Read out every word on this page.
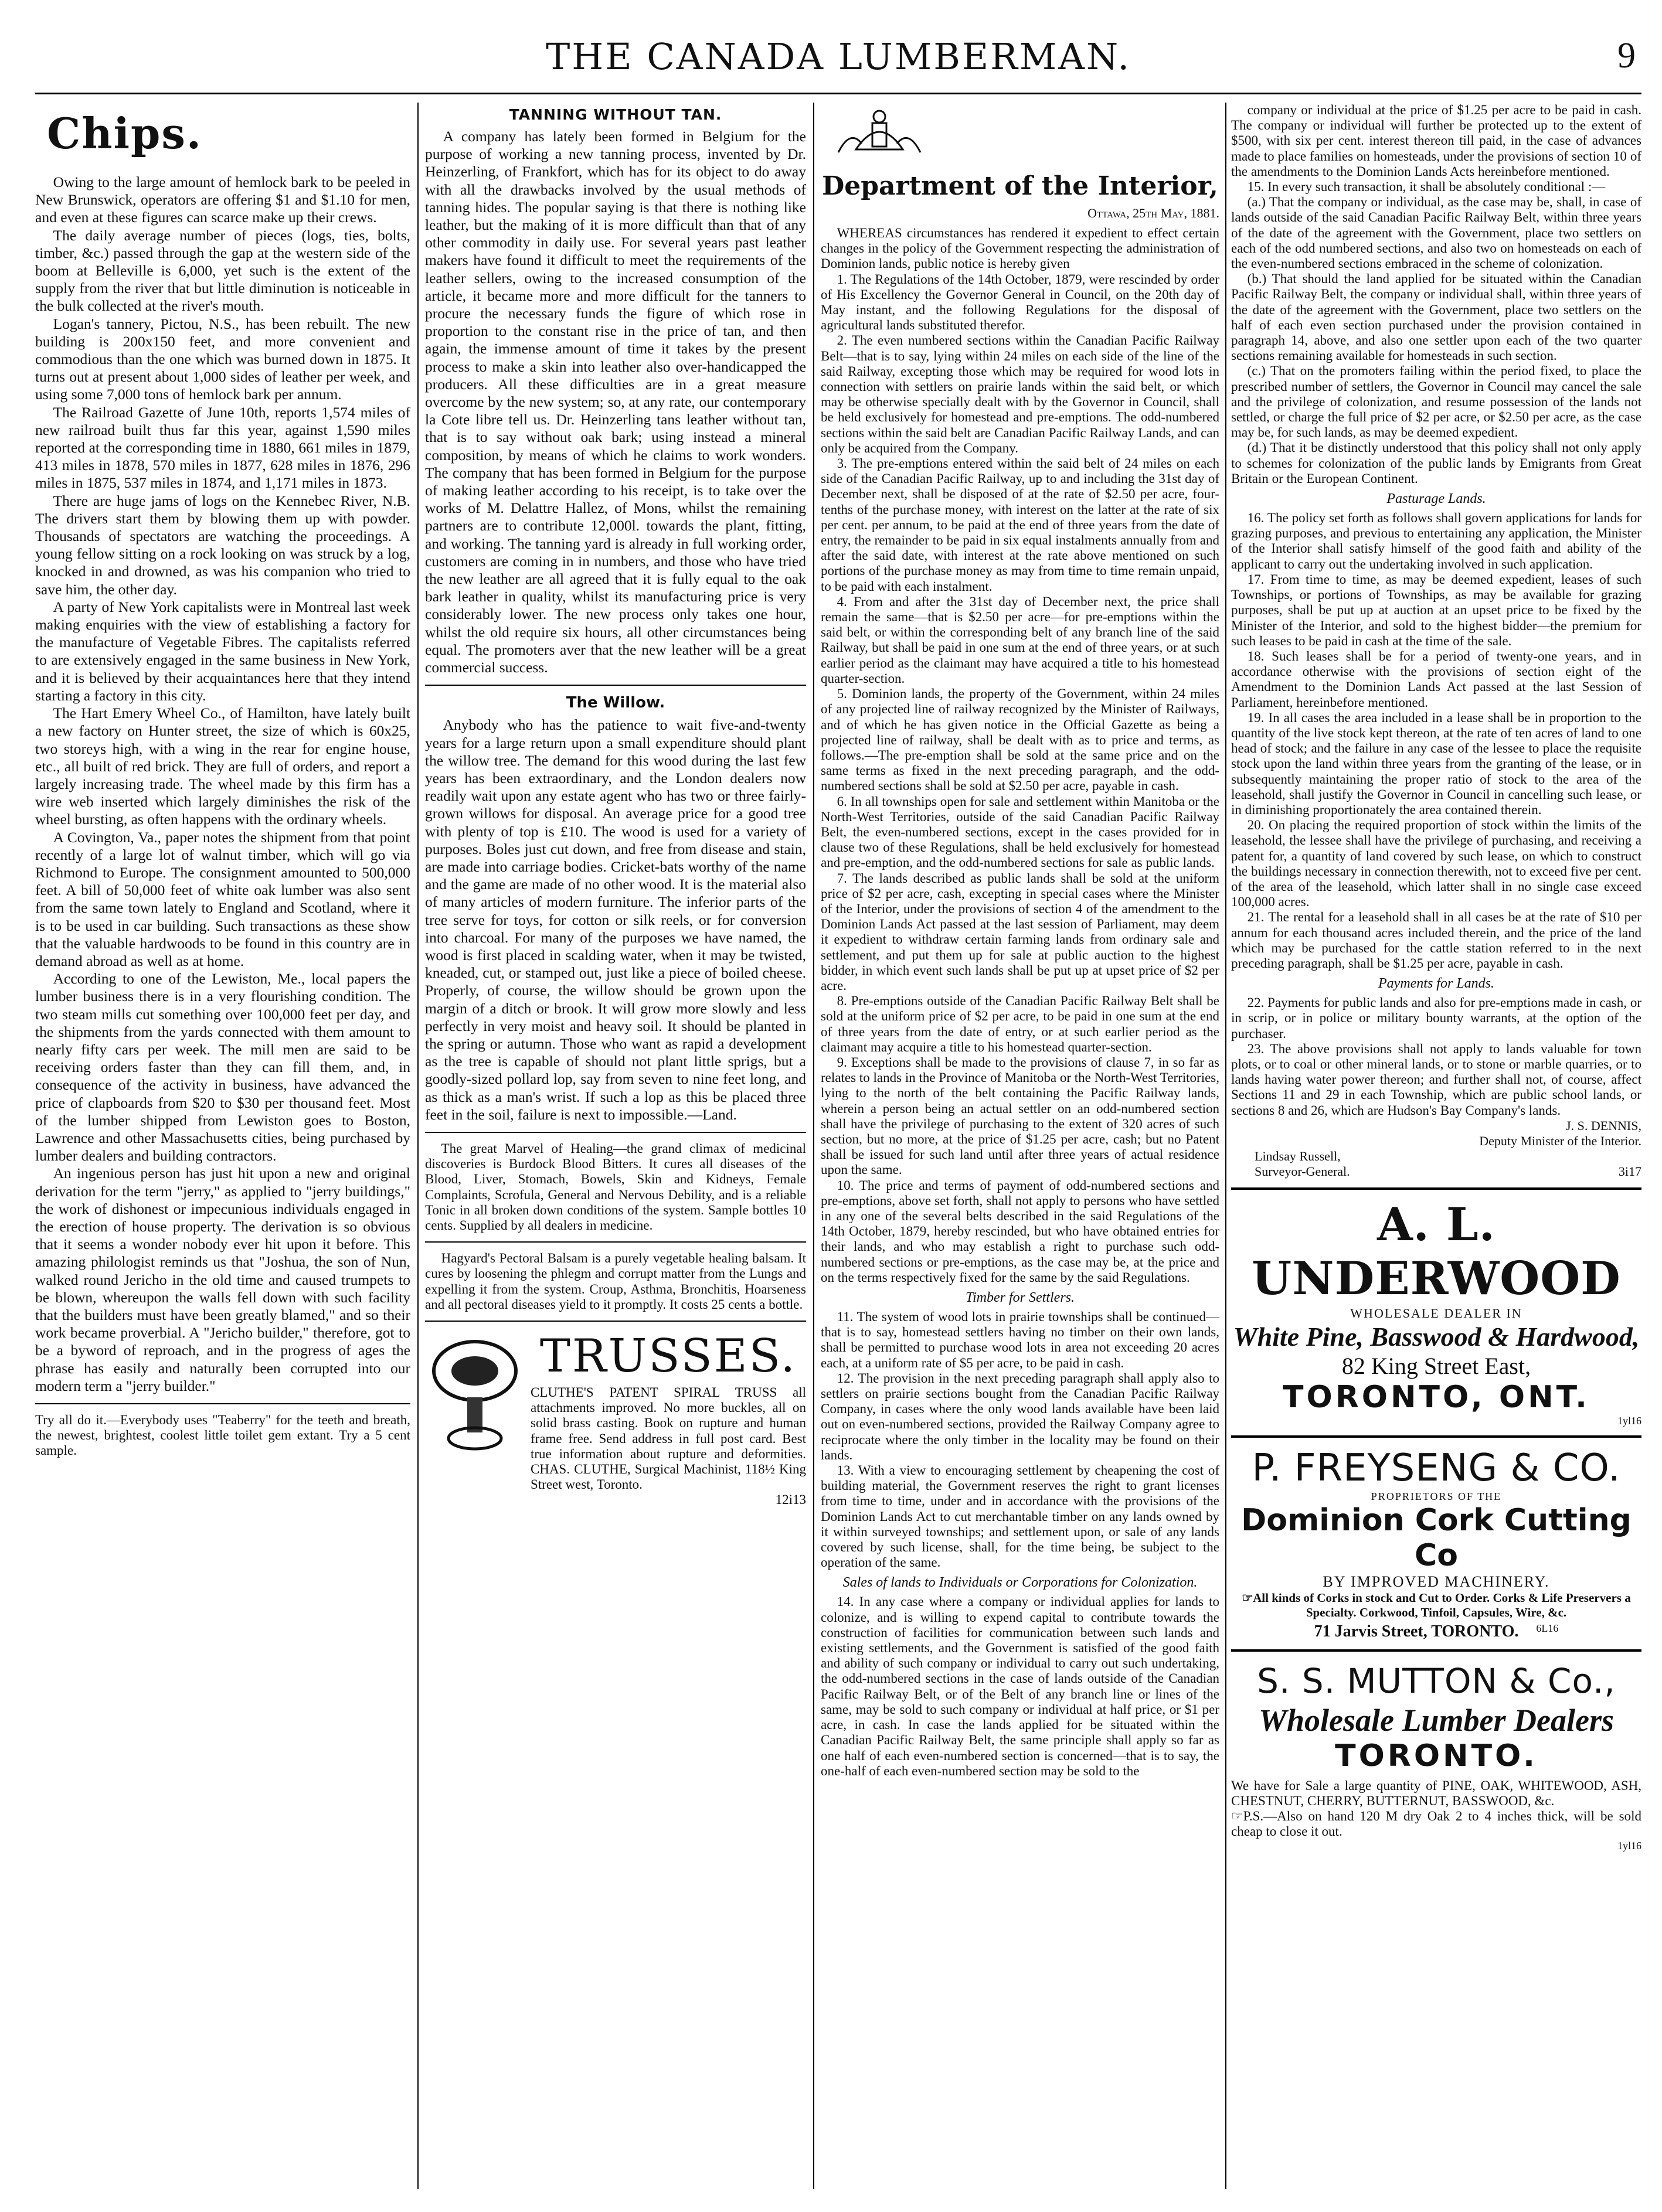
THE CANADA LUMBERMAN.	9
Chips.

Owing to the large amount of hemlock bark to be peeled in New Brunswick, operators are offering $1 and $1.10 for men, and even at these figures can scarce make up their crews.

The daily average number of pieces (logs, ties, bolts, timber, &c.) passed through the gap at the western side of the boom at Belleville is 6,000, yet such is the extent of the supply from the river that but little diminution is noticeable in the bulk collected at the river's mouth.

Logan's tannery, Pictou, N.S., has been rebuilt. The new building is 200x150 feet, and more convenient and commodious than the one which was burned down in 1875. It turns out at present about 1,000 sides of leather per week, and using some 7,000 tons of hemlock bark per annum.

The Railroad Gazette of June 10th, reports 1,574 miles of new railroad built thus far this year, against 1,590 miles reported at the corresponding time in 1880, 661 miles in 1879, 413 miles in 1878, 570 miles in 1877, 628 miles in 1876, 296 miles in 1875, 537 miles in 1874, and 1,171 miles in 1873.

There are huge jams of logs on the Kennebec River, N.B. The drivers start them by blowing them up with powder. Thousands of spectators are watching the proceedings. A young fellow sitting on a rock looking on was struck by a log, knocked in and drowned, as was his companion who tried to save him, the other day.

A party of New York capitalists were in Montreal last week making enquiries with the view of establishing a factory for the manufacture of Vegetable Fibres. The capitalists referred to are extensively engaged in the same business in New York, and it is believed by their acquaintances here that they intend starting a factory in this city.

The Hart Emery Wheel Co., of Hamilton, have lately built a new factory on Hunter street, the size of which is 60x25, two storeys high, with a wing in the rear for engine house, etc., all built of red brick. They are full of orders, and report a largely increasing trade. The wheel made by this firm has a wire web inserted which largely diminishes the risk of the wheel bursting, as often happens with the ordinary wheels.

A Covington, Va., paper notes the shipment from that point recently of a large lot of walnut timber, which will go via Richmond to Europe. The consignment amounted to 500,000 feet. A bill of 50,000 feet of white oak lumber was also sent from the same town lately to England and Scotland, where it is to be used in car building. Such transactions as these show that the valuable hardwoods to be found in this country are in demand abroad as well as at home.

According to one of the Lewiston, Me., local papers the lumber business there is in a very flourishing condition. The two steam mills cut something over 100,000 feet per day, and the shipments from the yards connected with them amount to nearly fifty cars per week. The mill men are said to be receiving orders faster than they can fill them, and, in consequence of the activity in business, have advanced the price of clapboards from $20 to $30 per thousand feet. Most of the lumber shipped from Lewiston goes to Boston, Lawrence and other Massachusetts cities, being purchased by lumber dealers and building contractors.

An ingenious person has just hit upon a new and original derivation for the term "jerry," as applied to "jerry buildings," the work of dishonest or impecunious individuals engaged in the erection of house property. The derivation is so obvious that it seems a wonder nobody ever hit upon it before. This amazing philologist reminds us that "Joshua, the son of Nun, walked round Jericho in the old time and caused trumpets to be blown, whereupon the walls fell down with such facility that the builders must have been greatly blamed," and so their work became proverbial. A "Jericho builder," therefore, got to be a byword of reproach, and in the progress of ages the phrase has easily and naturally been corrupted into our modern term a "jerry builder."

Try all do it.—Everybody uses "Teaberry" for the teeth and breath, the newest, brightest, coolest little toilet gem extant. Try a 5 cent sample.
TANNING WITHOUT TAN.

A company has lately been formed in Belgium for the purpose of working a new tanning process, invented by Dr. Heinzerling, of Frankfort, which has for its object to do away with all the drawbacks involved by the usual methods of tanning hides. The popular saying is that there is nothing like leather, but the making of it is more difficult than that of any other commodity in daily use. For several years past leather makers have found it difficult to meet the requirements of the leather sellers, owing to the increased consumption of the article, it became more and more difficult for the tanners to procure the necessary funds the figure of which rose in proportion to the constant rise in the price of tan, and then again, the immense amount of time it takes by the present process to make a skin into leather also over-handicapped the producers. All these difficulties are in a great measure overcome by the new system; so, at any rate, our contemporary la Cote libre tell us. Dr. Heinzerling tans leather without tan, that is to say without oak bark; using instead a mineral composition, by means of which he claims to work wonders. The company that has been formed in Belgium for the purpose of making leather according to his receipt, is to take over the works of M. Delattre Hallez, of Mons, whilst the remaining partners are to contribute 12,000l. towards the plant, fitting, and working. The tanning yard is already in full working order, customers are coming in in numbers, and those who have tried the new leather are all agreed that it is fully equal to the oak bark leather in quality, whilst its manufacturing price is very considerably lower. The new process only takes one hour, whilst the old require six hours, all other circumstances being equal. The promoters aver that the new leather will be a great commercial success.

The Willow.

Anybody who has the patience to wait five-and-twenty years for a large return upon a small expenditure should plant the willow tree. The demand for this wood during the last few years has been extraordinary, and the London dealers now readily wait upon any estate agent who has two or three fairly-grown willows for disposal. An average price for a good tree with plenty of top is £10. The wood is used for a variety of purposes. Boles just cut down, and free from disease and stain, are made into carriage bodies. Cricket-bats worthy of the name and the game are made of no other wood. It is the material also of many articles of modern furniture. The inferior parts of the tree serve for toys, for cotton or silk reels, or for conversion into charcoal. For many of the purposes we have named, the wood is first placed in scalding water, when it may be twisted, kneaded, cut, or stamped out, just like a piece of boiled cheese. Properly, of course, the willow should be grown upon the margin of a ditch or brook. It will grow more slowly and less perfectly in very moist and heavy soil. It should be planted in the spring or autumn. Those who want as rapid a development as the tree is capable of should not plant little sprigs, but a goodly-sized pollard lop, say from seven to nine feet long, and as thick as a man's wrist. If such a lop as this be placed three feet in the soil, failure is next to impossible.—Land.

The great Marvel of Healing—the grand climax of medicinal discoveries is Burdock Blood Bitters. It cures all diseases of the Blood, Liver, Stomach, Bowels, Skin and Kidneys, Female Complaints, Scrofula, General and Nervous Debility, and is a reliable Tonic in all broken down conditions of the system. Sample bottles 10 cents. Supplied by all dealers in medicine.

Hagyard's Pectoral Balsam is a purely vegetable healing balsam. It cures by loosening the phlegm and corrupt matter from the Lungs and expelling it from the system. Croup, Asthma, Bronchitis, Hoarseness and all pectoral diseases yield to it promptly. It costs 25 cents a bottle.

TRUSSES.
CLUTHE'S PATENT SPIRAL TRUSS all attachments improved. No more buckles, all on solid brass casting. Book on rupture and human frame free. Send address in full post card. Best true information about rupture and deformities. CHAS. CLUTHE, Surgical Machinist, 118½ King Street west, Toronto.
12i13
Department of the Interior,
Ottawa, 25th May, 1881.

WHEREAS circumstances has rendered it expedient to effect certain changes in the policy of the Government respecting the administration of Dominion lands, public notice is hereby given

1. The Regulations of the 14th October, 1879, were rescinded by order of His Excellency the Governor General in Council, on the 20th day of May instant, and the following Regulations for the disposal of agricultural lands substituted therefor.

2. The even numbered sections within the Canadian Pacific Railway Belt—that is to say, lying within 24 miles on each side of the line of the said Railway, excepting those which may be required for wood lots in connection with settlers on prairie lands within the said belt, or which may be otherwise specially dealt with by the Governor in Council, shall be held exclusively for homestead and pre-emptions. The odd-numbered sections within the said belt are Canadian Pacific Railway Lands, and can only be acquired from the Company.

3. The pre-emptions entered within the said belt of 24 miles on each side of the Canadian Pacific Railway, up to and including the 31st day of December next, shall be disposed of at the rate of $2.50 per acre, four-tenths of the purchase money, with interest on the latter at the rate of six per cent. per annum, to be paid at the end of three years from the date of entry, the remainder to be paid in six equal instalments annually from and after the said date, with interest at the rate above mentioned on such portions of the purchase money as may from time to time remain unpaid, to be paid with each instalment.

4. From and after the 31st day of December next, the price shall remain the same—that is $2.50 per acre—for pre-emptions within the said belt, or within the corresponding belt of any branch line of the said Railway, but shall be paid in one sum at the end of three years, or at such earlier period as the claimant may have acquired a title to his homestead quarter-section.

5. Dominion lands, the property of the Government, within 24 miles of any projected line of railway recognized by the Minister of Railways, and of which he has given notice in the Official Gazette as being a projected line of railway, shall be dealt with as to price and terms, as follows.—The pre-emption shall be sold at the same price and on the same terms as fixed in the next preceding paragraph, and the odd-numbered sections shall be sold at $2.50 per acre, payable in cash.

6. In all townships open for sale and settlement within Manitoba or the North-West Territories, outside of the said Canadian Pacific Railway Belt, the even-numbered sections, except in the cases provided for in clause two of these Regulations, shall be held exclusively for homestead and pre-emption, and the odd-numbered sections for sale as public lands.

7. The lands described as public lands shall be sold at the uniform price of $2 per acre, cash, excepting in special cases where the Minister of the Interior, under the provisions of section 4 of the amendment to the Dominion Lands Act passed at the last session of Parliament, may deem it expedient to withdraw certain farming lands from ordinary sale and settlement, and put them up for sale at public auction to the highest bidder, in which event such lands shall be put up at upset price of $2 per acre.

8. Pre-emptions outside of the Canadian Pacific Railway Belt shall be sold at the uniform price of $2 per acre, to be paid in one sum at the end of three years from the date of entry, or at such earlier period as the claimant may acquire a title to his homestead quarter-section.

9. Exceptions shall be made to the provisions of clause 7, in so far as relates to lands in the Province of Manitoba or the North-West Territories, lying to the north of the belt containing the Pacific Railway lands, wherein a person being an actual settler on an odd-numbered section shall have the privilege of purchasing to the extent of 320 acres of such section, but no more, at the price of $1.25 per acre, cash; but no Patent shall be issued for such land until after three years of actual residence upon the same.

10. The price and terms of payment of odd-numbered sections and pre-emptions, above set forth, shall not apply to persons who have settled in any one of the several belts described in the said Regulations of the 14th October, 1879, hereby rescinded, but who have obtained entries for their lands, and who may establish a right to purchase such odd-numbered sections or pre-emptions, as the case may be, at the price and on the terms respectively fixed for the same by the said Regulations.

Timber for Settlers.

11. The system of wood lots in prairie townships shall be continued—that is to say, homestead settlers having no timber on their own lands, shall be permitted to purchase wood lots in area not exceeding 20 acres each, at a uniform rate of $5 per acre, to be paid in cash.

12. The provision in the next preceding paragraph shall apply also to settlers on prairie sections bought from the Canadian Pacific Railway Company, in cases where the only wood lands available have been laid out on even-numbered sections, provided the Railway Company agree to reciprocate where the only timber in the locality may be found on their lands.

13. With a view to encouraging settlement by cheapening the cost of building material, the Government reserves the right to grant licenses from time to time, under and in accordance with the provisions of the Dominion Lands Act to cut merchantable timber on any lands owned by it within surveyed townships; and settlement upon, or sale of any lands covered by such license, shall, for the time being, be subject to the operation of the same.

Sales of lands to Individuals or Corporations for Colonization.

14. In any case where a company or individual applies for lands to colonize, and is willing to expend capital to contribute towards the construction of facilities for communication between such lands and existing settlements, and the Government is satisfied of the good faith and ability of such company or individual to carry out such undertaking, the odd-numbered sections in the case of lands outside of the Canadian Pacific Railway Belt, or of the Belt of any branch line or lines of the same, may be sold to such company or individual at half price, or $1 per acre, in cash. In case the lands applied for be situated within the Canadian Pacific Railway Belt, the same principle shall apply so far as one half of each even-numbered section is concerned—that is to say, the one-half of each even-numbered section may be sold to the

company or individual at the price of $1.25 per acre to be paid in cash. The company or individual will further be protected up to the extent of $500, with six per cent. interest thereon till paid, in the case of advances made to place families on homesteads, under the provisions of section 10 of the amendments to the Dominion Lands Acts hereinbefore mentioned.

15. In every such transaction, it shall be absolutely conditional :—

(a.) That the company or individual, as the case may be, shall, in case of lands outside of the said Canadian Pacific Railway Belt, within three years of the date of the agreement with the Government, place two settlers on each of the odd numbered sections, and also two on homesteads on each of the even-numbered sections embraced in the scheme of colonization.

(b.) That should the land applied for be situated within the Canadian Pacific Railway Belt, the company or individual shall, within three years of the date of the agreement with the Government, place two settlers on the half of each even section purchased under the provision contained in paragraph 14, above, and also one settler upon each of the two quarter sections remaining available for homesteads in such section.

(c.) That on the promoters failing within the period fixed, to place the prescribed number of settlers, the Governor in Council may cancel the sale and the privilege of colonization, and resume possession of the lands not settled, or charge the full price of $2 per acre, or $2.50 per acre, as the case may be, for such lands, as may be deemed expedient.

(d.) That it be distinctly understood that this policy shall not only apply to schemes for colonization of the public lands by Emigrants from Great Britain or the European Continent.

Pasturage Lands.

16. The policy set forth as follows shall govern applications for lands for grazing purposes, and previous to entertaining any application, the Minister of the Interior shall satisfy himself of the good faith and ability of the applicant to carry out the undertaking involved in such application.

17. From time to time, as may be deemed expedient, leases of such Townships, or portions of Townships, as may be available for grazing purposes, shall be put up at auction at an upset price to be fixed by the Minister of the Interior, and sold to the highest bidder—the premium for such leases to be paid in cash at the time of the sale.

18. Such leases shall be for a period of twenty-one years, and in accordance otherwise with the provisions of section eight of the Amendment to the Dominion Lands Act passed at the last Session of Parliament, hereinbefore mentioned.

19. In all cases the area included in a lease shall be in proportion to the quantity of the live stock kept thereon, at the rate of ten acres of land to one head of stock; and the failure in any case of the lessee to place the requisite stock upon the land within three years from the granting of the lease, or in subsequently maintaining the proper ratio of stock to the area of the leasehold, shall justify the Governor in Council in cancelling such lease, or in diminishing proportionately the area contained therein.

20. On placing the required proportion of stock within the limits of the leasehold, the lessee shall have the privilege of purchasing, and receiving a patent for, a quantity of land covered by such lease, on which to construct the buildings necessary in connection therewith, not to exceed five per cent. of the area of the leasehold, which latter shall in no single case exceed 100,000 acres.

21. The rental for a leasehold shall in all cases be at the rate of $10 per annum for each thousand acres included therein, and the price of the land which may be purchased for the cattle station referred to in the next preceding paragraph, shall be $1.25 per acre, payable in cash.

Payments for Lands.

22. Payments for public lands and also for pre-emptions made in cash, or in scrip, or in police or military bounty warrants, at the option of the purchaser.

23. The above provisions shall not apply to lands valuable for town plots, or to coal or other mineral lands, or to stone or marble quarries, or to lands having water power thereon; and further shall not, of course, affect Sections 11 and 29 in each Township, which are public school lands, or sections 8 and 26, which are Hudson's Bay Company's lands.

J. S. DENNIS,
Deputy Minister of the Interior.
Lindsay Russell,
Surveyor-General.	3i17
A. L. UNDERWOOD
WHOLESALE DEALER IN
White Pine, Basswood & Hardwood,
82 King Street East,
TORONTO, ONT.
1yl16
P. FREYSENG & CO.
PROPRIETORS OF THE
Dominion Cork Cutting Co
BY IMPROVED MACHINERY.
☞All kinds of Corks in stock and Cut to Order. Corks & Life Preservers a Specialty. Corkwood, Tinfoil, Capsules, Wire, &c.
71 Jarvis Street, TORONTO. 6L16
S. S. MUTTON & Co.,
Wholesale Lumber Dealers
TORONTO.
We have for Sale a large quantity of PINE, OAK, WHITEWOOD, ASH, CHESTNUT, CHERRY, BUTTERNUT, BASSWOOD, &c.
☞P.S.—Also on hand 120 M dry Oak 2 to 4 inches thick, will be sold cheap to close it out.
1yl16
